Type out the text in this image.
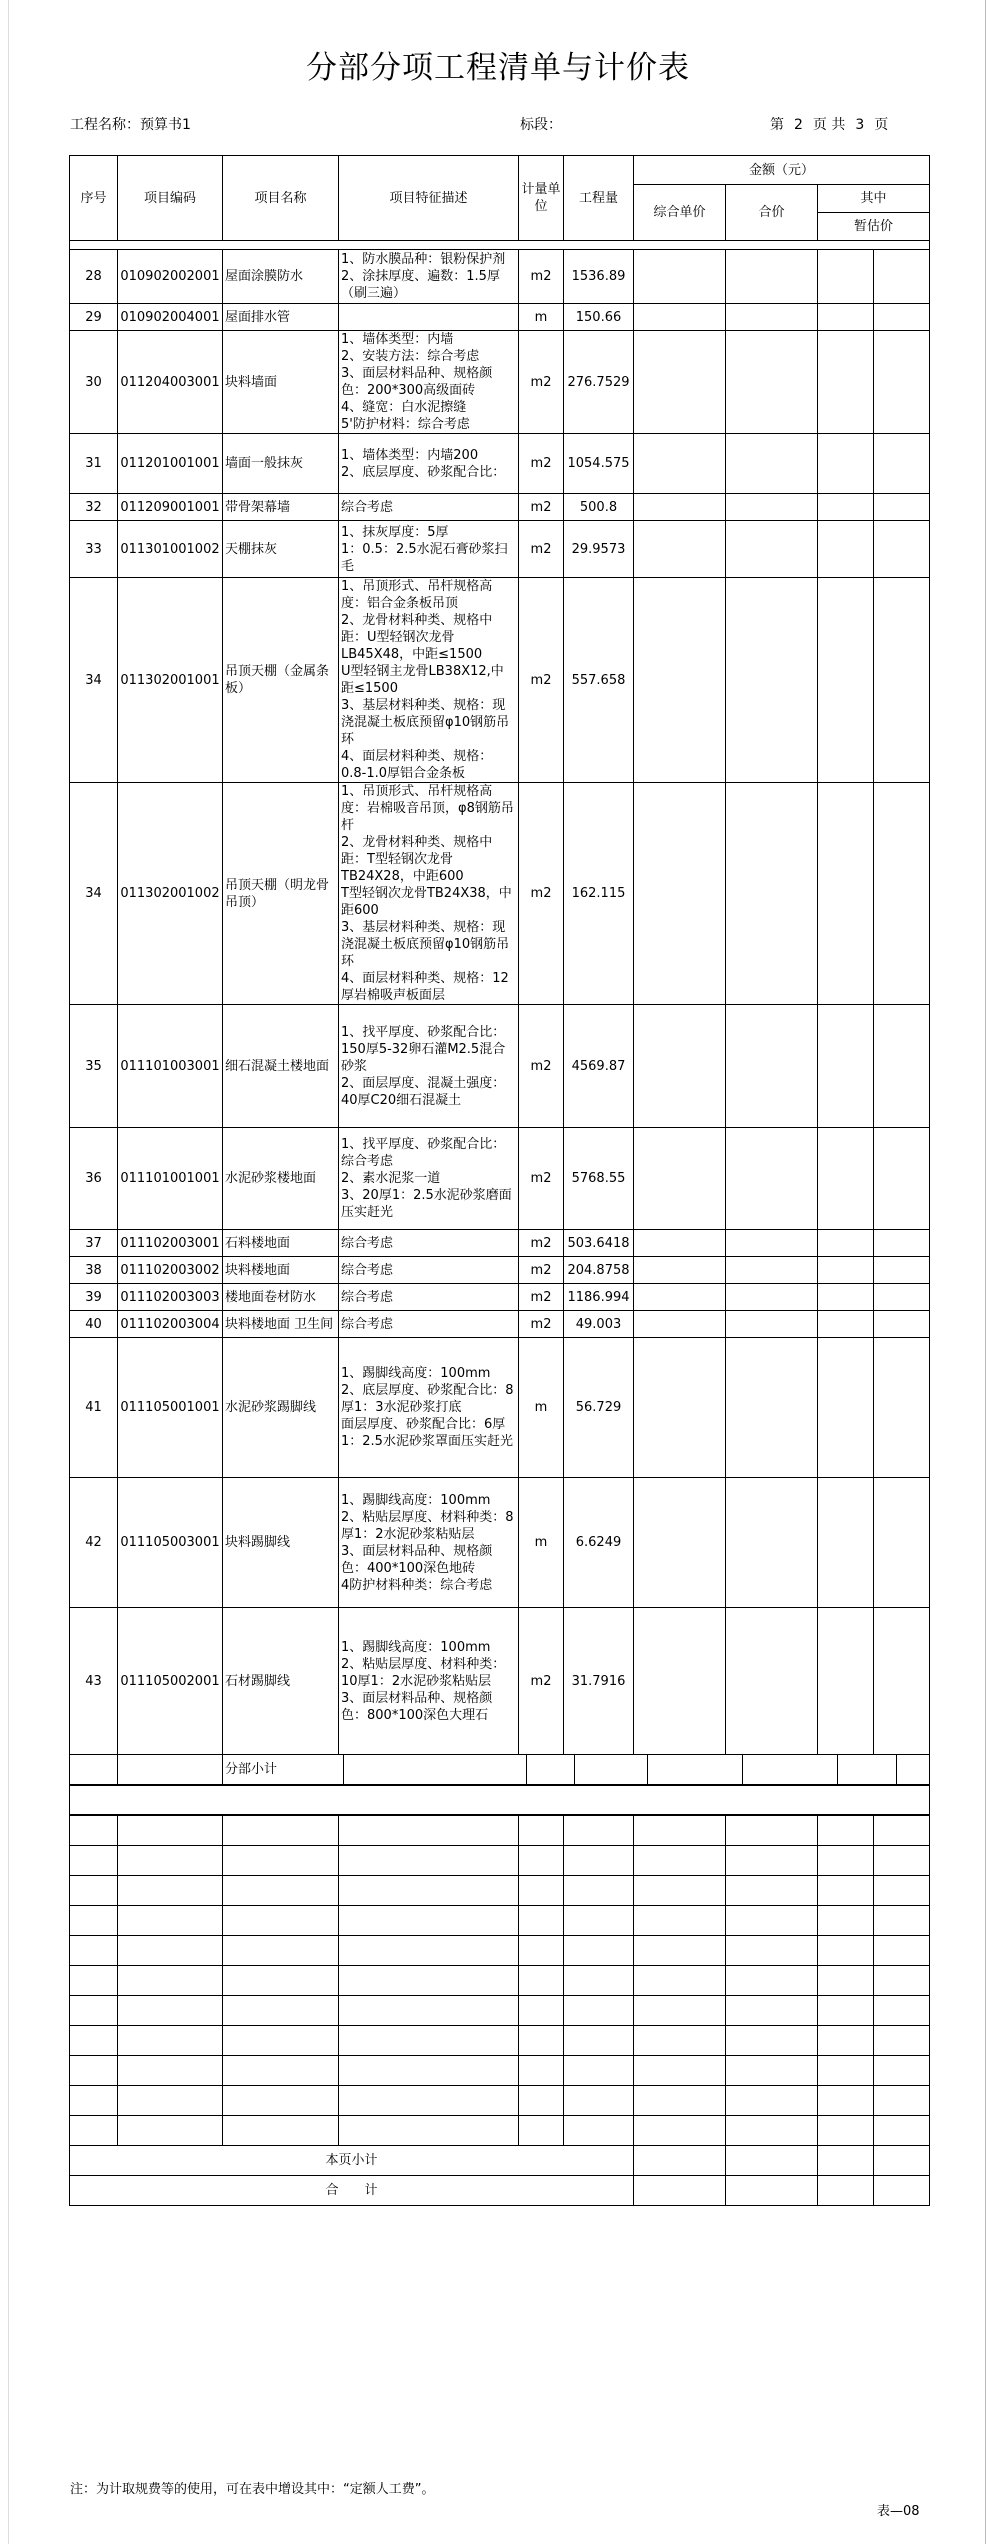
分部分项工程清单与计价表
工程名称：预算书1	标段：	第 2 页 共 3 页
序号	项目编码	项目名称	项目特征描述	计量单位	工程量	金额（元）			
						综合单价	合价	其中	
								暂估价	

28	010902002001	屋面涂膜防水	1、防水膜品种：银粉保护剂
2、涂抹厚度、遍数：1.5厚（刷三遍）	m2	1536.89				
29	010902004001	屋面排水管		m	150.66				
30	011204003001	块料墙面	1、墙体类型：内墙
2、安装方法：综合考虑
3、面层材料品种、规格颜色：200*300高级面砖
4、缝宽：白水泥擦缝
5'防护材料：综合考虑	m2	276.7529				
31	011201001001	墙面一般抹灰	1、墙体类型：内墙200
2、底层厚度、砂浆配合比：	m2	1054.575				
32	011209001001	带骨架幕墙	综合考虑	m2	500.8				
33	011301001002	天棚抹灰	1、抹灰厚度：5厚
1：0.5：2.5水泥石膏砂浆扫毛	m2	29.9573				
34	011302001001	吊顶天棚（金属条板）	1、吊顶形式、吊杆规格高度：铝合金条板吊顶
2、龙骨材料种类、规格中距：U型轻钢次龙骨LB45X48，中距≤1500
U型轻钢主龙骨LB38X12,中距≤1500
3、基层材料种类、规格：现浇混凝土板底预留φ10钢筋吊环
4、面层材料种类、规格：0.8-1.0厚铝合金条板	m2	557.658				
34	011302001002	吊顶天棚（明龙骨吊顶）	1、吊顶形式、吊杆规格高度：岩棉吸音吊顶，φ8钢筋吊杆
2、龙骨材料种类、规格中距：T型轻钢次龙骨TB24X28，中距600
T型轻钢次龙骨TB24X38，中距600
3、基层材料种类、规格：现浇混凝土板底预留φ10钢筋吊环
4、面层材料种类、规格：12厚岩棉吸声板面层	m2	162.115				
35	011101003001	细石混凝土楼地面	1、找平厚度、砂浆配合比：150厚5-32卵石灌M2.5混合砂浆
2、面层厚度、混凝土强度：40厚C20细石混凝土	m2	4569.87				
36	011101001001	水泥砂浆楼地面	1、找平厚度、砂浆配合比：综合考虑
2、素水泥浆一道
3、20厚1：2.5水泥砂浆磨面压实赶光	m2	5768.55				
37	011102003001	石料楼地面	综合考虑	m2	503.6418				
38	011102003002	块料楼地面	综合考虑	m2	204.8758				
39	011102003003	楼地面卷材防水	综合考虑	m2	1186.994				
40	011102003004	块料楼地面 卫生间	综合考虑	m2	49.003				
41	011105001001	水泥砂浆踢脚线	1、踢脚线高度：100mm
2、底层厚度、砂浆配合比：8厚1：3水泥砂浆打底
面层厚度、砂浆配合比：6厚1：2.5水泥砂浆罩面压实赶光	m	56.729				
42	011105003001	块料踢脚线	1、踢脚线高度：100mm
2、粘贴层厚度、材料种类：8厚1：2水泥砂浆粘贴层
3、面层材料品种、规格颜色：400*100深色地砖
4防护材料种类：综合考虑	m	6.6249				
43	011105002001	石材踢脚线	1、踢脚线高度：100mm
2、粘贴层厚度、材料种类：10厚1：2水泥砂浆粘贴层
3、面层材料品种、规格颜色：800*100深色大理石	m2	31.7916				

		分部小计							

本页小计									
合　　计									
注：为计取规费等的使用，可在表中增设其中：“定额人工费”。
表—08
